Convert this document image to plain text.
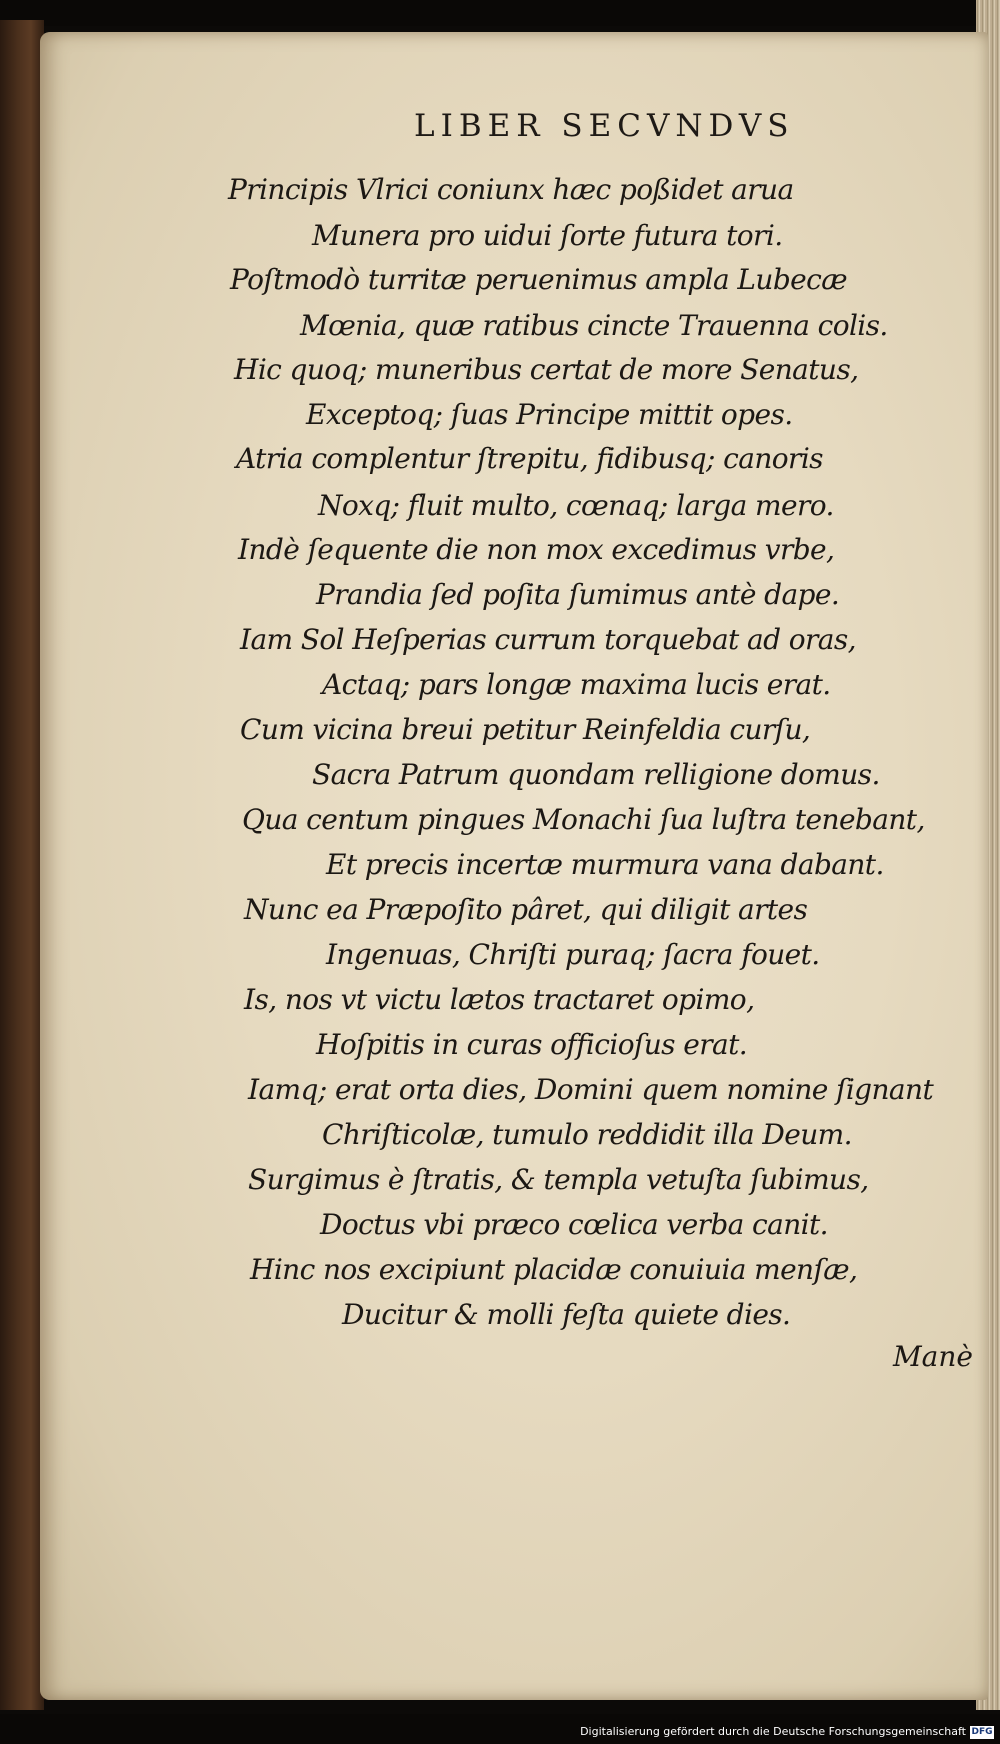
LIBER SECVNDVS
Principis Vlrici coniunx hæc poßidet arua
Munera pro uidui ſorte futura tori.
Poſtmodò turritæ peruenimus ampla Lubecæ
Mœnia, quæ ratibus cincte Trauenna colis.
Hic quoq; muneribus certat de more Senatus,
Exceptoq; ſuas Principe mittit opes.
Atria complentur ſtrepitu, fidibusq; canoris
Noxq; fluit multo, cœnaq; larga mero.
Indè ſequente die non mox excedimus vrbe,
Prandia ſed poſita ſumimus antè dape.
Iam Sol Heſperias currum torquebat ad oras,
Actaq; pars longæ maxima lucis erat.
Cum vicina breui petitur Reinfeldia curſu,
Sacra Patrum quondam relligione domus.
Qua centum pingues Monachi ſua luſtra tenebant,
Et precis incertæ murmura vana dabant.
Nunc ea Præpoſito pâret, qui diligit artes
Ingenuas, Chriſti puraq; ſacra fouet.
Is, nos vt victu lætos tractaret opimo,
Hoſpitis in curas officioſus erat.
Iamq; erat orta dies, Domini quem nomine ſignant
Chriſticolæ, tumulo reddidit illa Deum.
Surgimus è ſtratis, & templa vetuſta ſubimus,
Doctus vbi præco cœlica verba canit.
Hinc nos excipiunt placidæ conuiuia menſæ,
Ducitur & molli feſta quiete dies.
Manè
Digitalisierung gefördert durch die Deutsche Forschungsgemeinschaft DFG
